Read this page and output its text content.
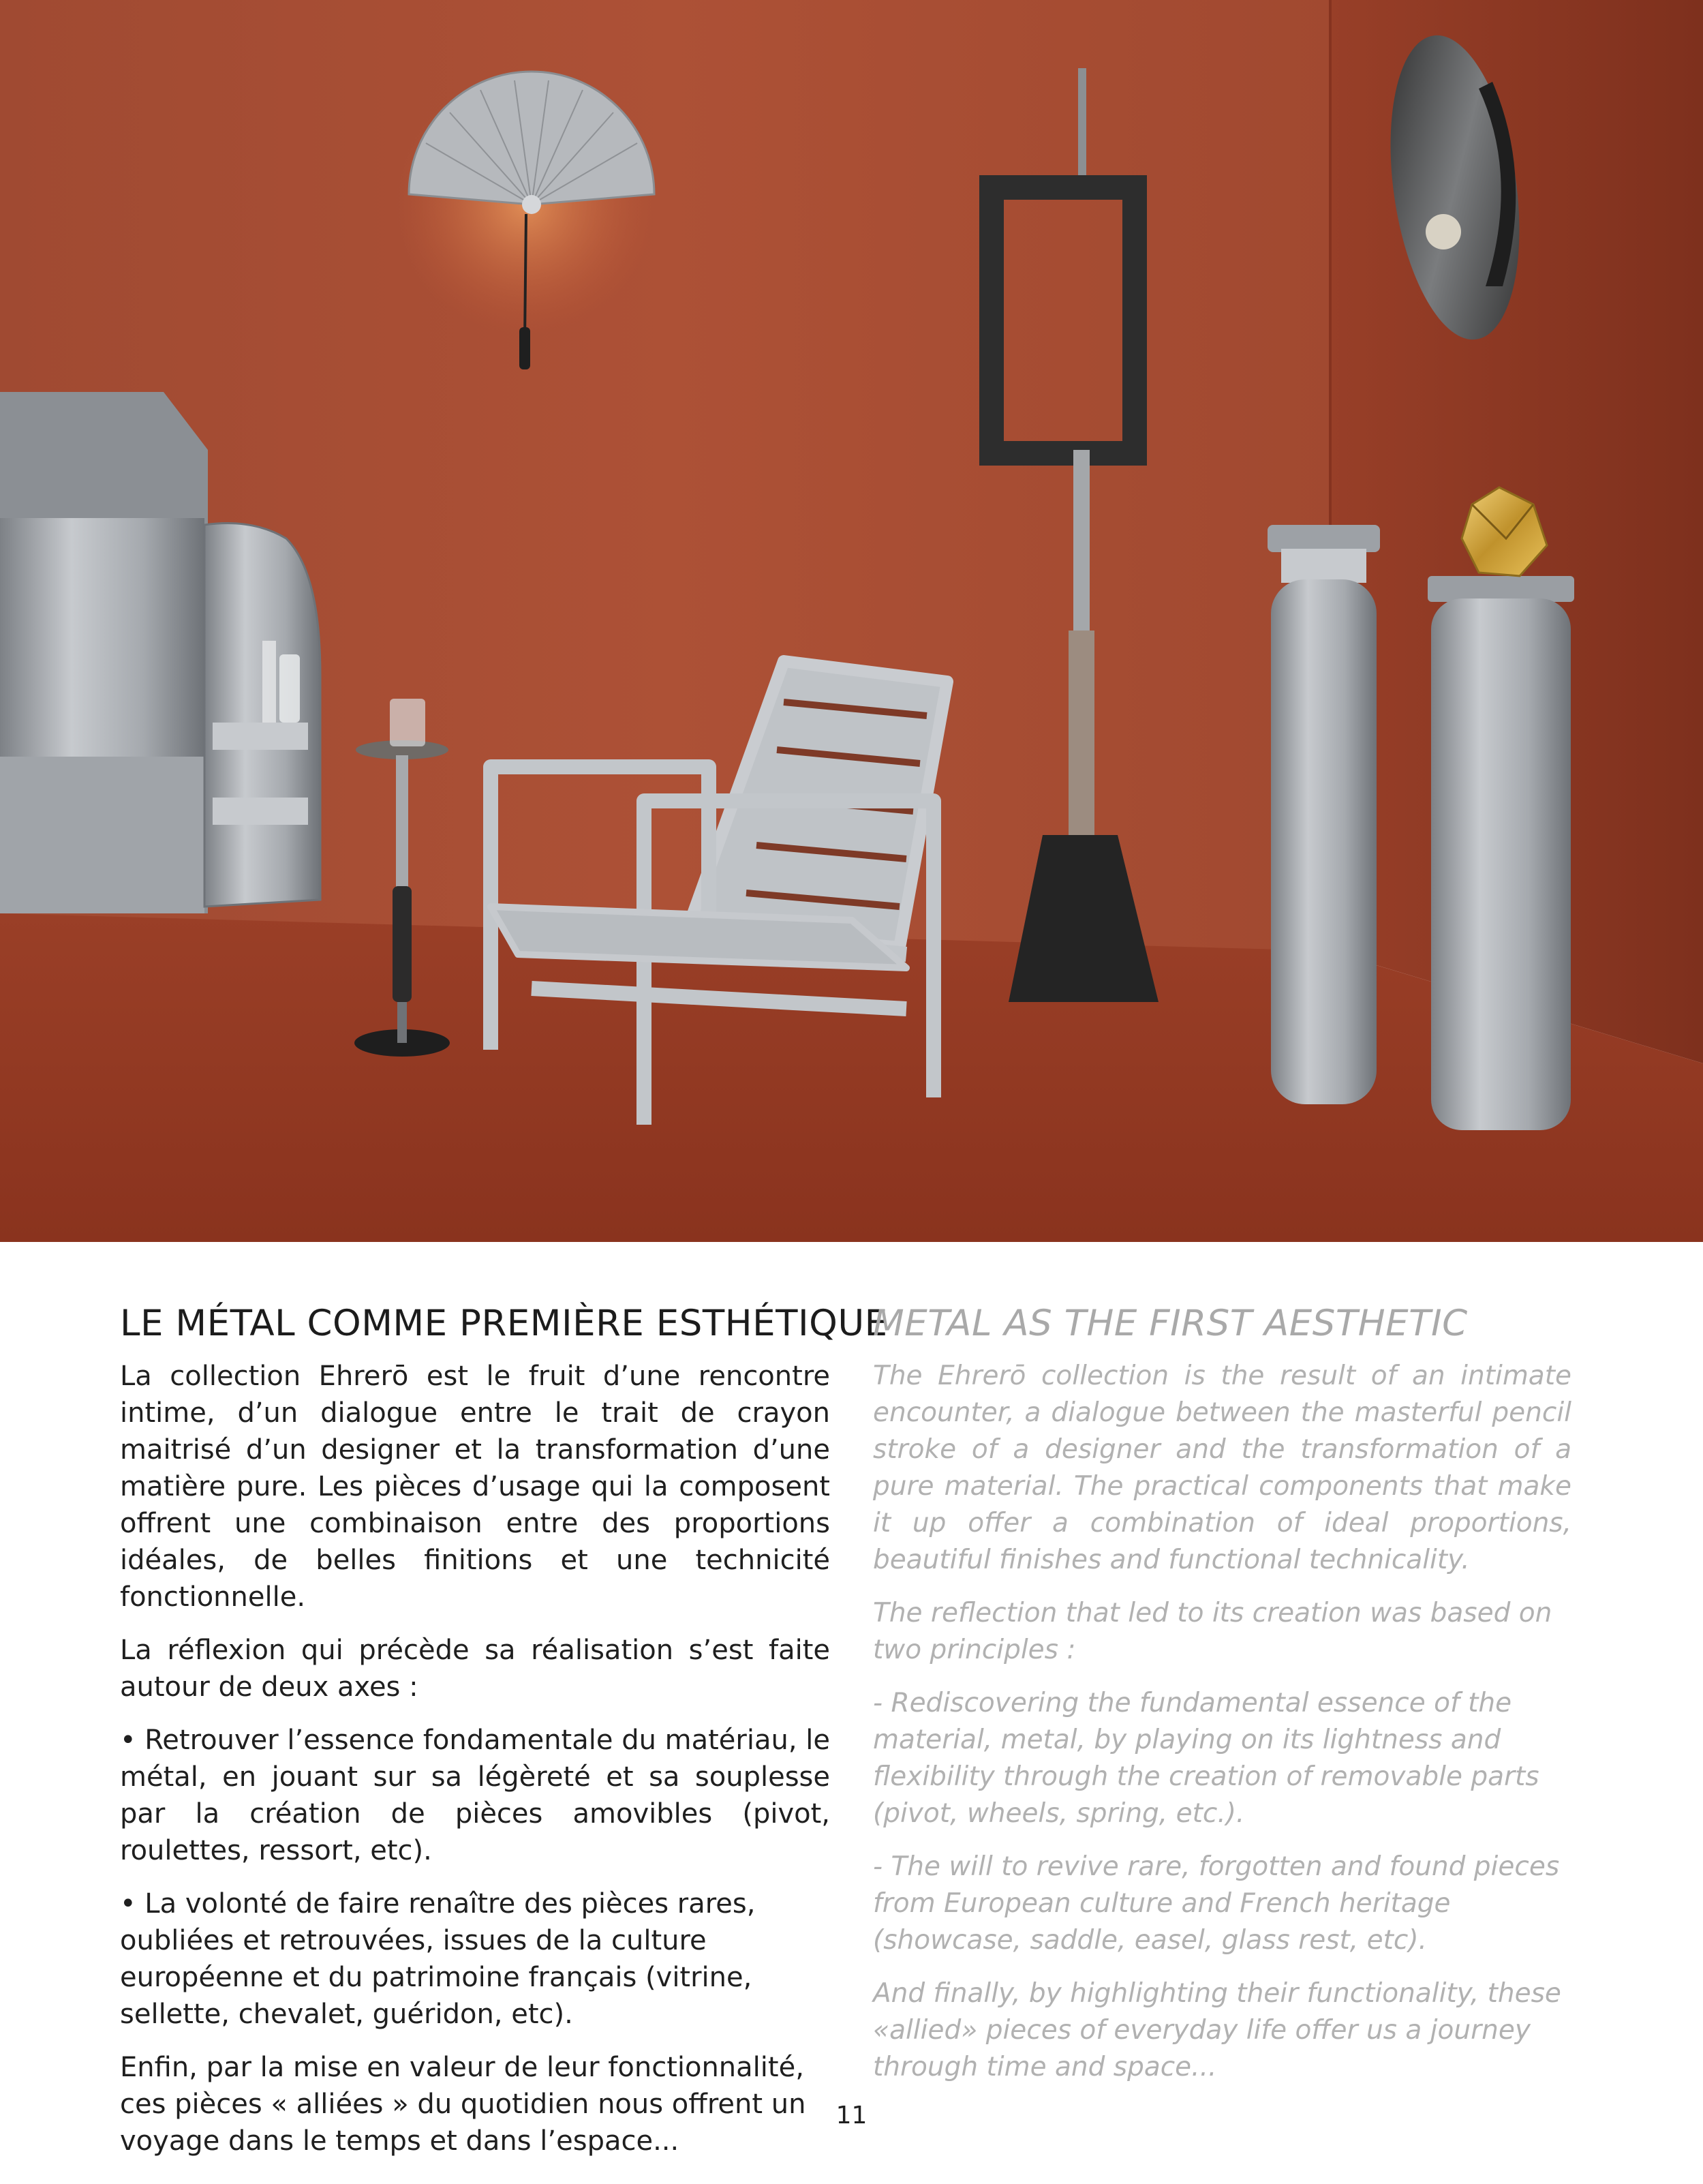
LE MÉTAL COMME PREMIÈRE ESTHÉTIQUE

La collection Ehrerō est le fruit d’une rencontre intime, d’un dialogue entre le trait de crayon maitrisé d’un designer et la transformation d’une matière pure. Les pièces d’usage qui la composent offrent une combinaison entre des proportions idéales, de belles finitions et une technicité fonctionnelle.

La réflexion qui précède sa réalisation s’est faite autour de deux axes :

• Retrouver l’essence fondamentale du matériau, le métal, en jouant sur sa légèreté et sa souplesse par la création de pièces amovibles (pivot, roulettes, ressort, etc).

• La volonté de faire renaître des pièces rares, oubliées et retrouvées, issues de la culture européenne et du patrimoine français (vitrine, sellette, chevalet, guéridon, etc).

Enfin, par la mise en valeur de leur fonctionnalité, ces pièces « alliées » du quotidien nous offrent un voyage dans le temps et dans l’espace...

METAL AS THE FIRST AESTHETIC

The Ehrerō collection is the result of an intimate encounter, a dialogue between the masterful pencil stroke of a designer and the transformation of a pure material. The practical components that make it up offer a combination of ideal proportions, beautiful finishes and functional technicality.

The reflection that led to its creation was based on two principles :

- Rediscovering the fundamental essence of the material, metal, by playing on its lightness and flexibility through the creation of removable parts (pivot, wheels, spring, etc.).

- The will to revive rare, forgotten and found pieces from European culture and French heritage (showcase, saddle, easel, glass rest, etc).

And finally, by highlighting their functionality, these «allied» pieces of everyday life offer us a journey through time and space...

11
